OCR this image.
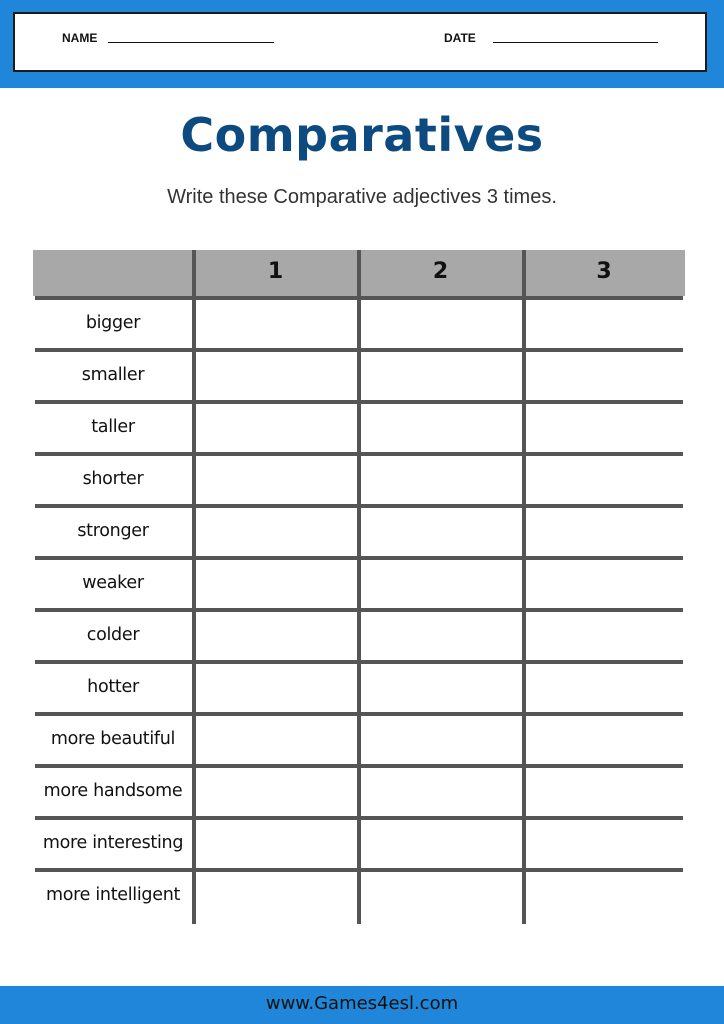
NAME	DATE
Comparatives
Write these Comparative adjectives 3 times.
1	2	3
bigger
smaller
taller
shorter
stronger
weaker
colder
hotter
more beautiful
more handsome
more interesting
more intelligent
www.Games4esl.com
